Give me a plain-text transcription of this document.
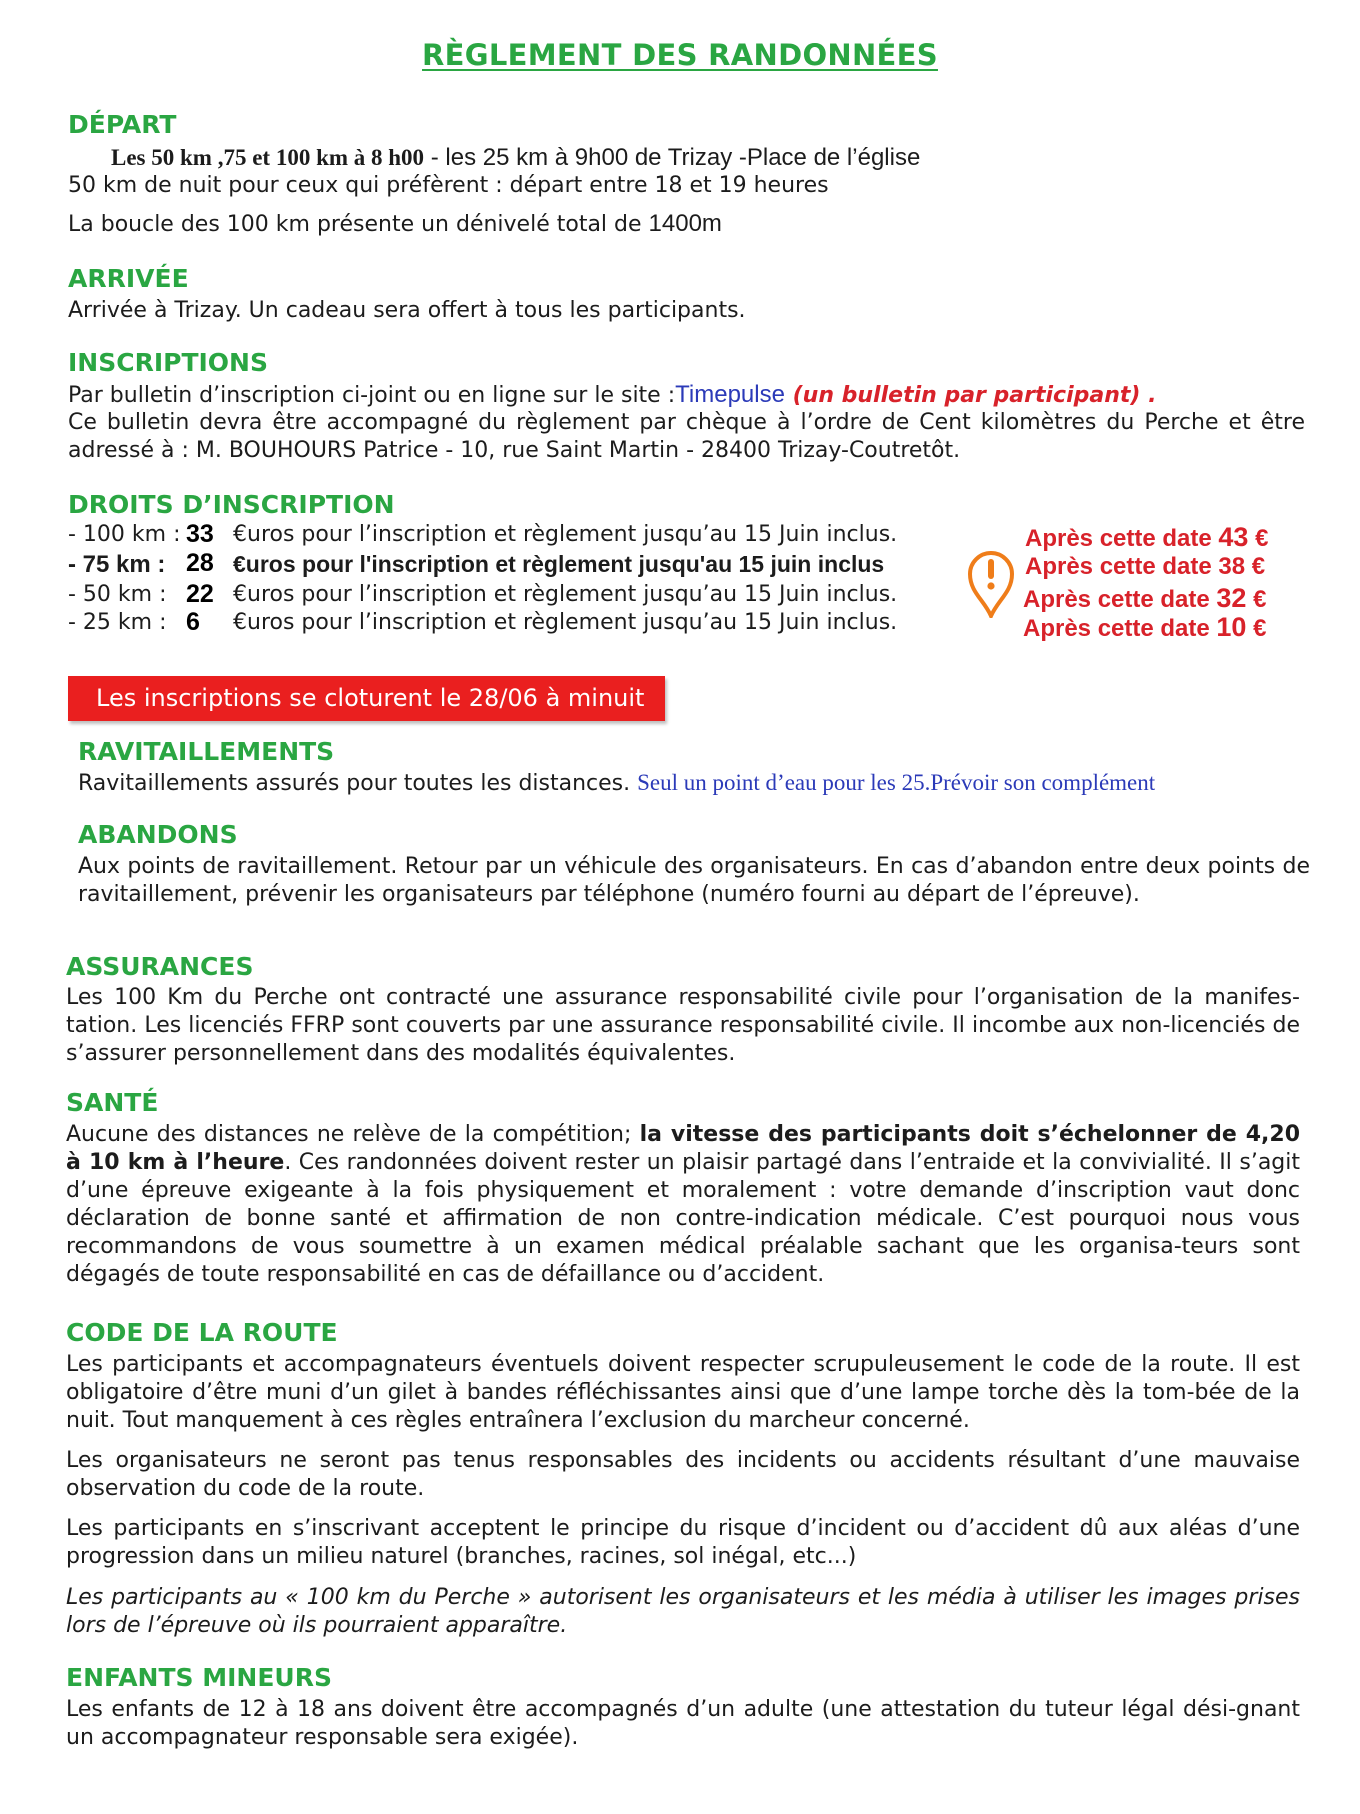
RÈGLEMENT DES RANDONNÉES
DÉPART
Les 50 km ,75 et 100 km à 8 h00 - les 25 km à 9h00 de Trizay -Place de l’église
50 km de nuit pour ceux qui préfèrent : départ entre 18 et 19 heures
La boucle des 100 km présente un dénivelé total de 1400m
ARRIVÉE
Arrivée à Trizay. Un cadeau sera offert à tous les participants.
INSCRIPTIONS
Par bulletin d’inscription ci-joint ou en ligne sur le site :Timepulse (un bulletin par participant) .
Ce bulletin devra être accompagné du règlement par chèque à l’ordre de Cent kilomètres du Perche et être adressé à : M. BOUHOURS Patrice - 10, rue Saint Martin - 28400 Trizay-Coutretôt.
DROITS D’INSCRIPTION
- 100 km : 33 €uros pour l’inscription et règlement jusqu’au 15 Juin inclus.
- 75 km : 28 €uros pour l'inscription et règlement jusqu'au 15 juin inclus
- 50 km : 22 €uros pour l’inscription et règlement jusqu’au 15 Juin inclus.
- 25 km : 6 €uros pour l’inscription et règlement jusqu’au 15 Juin inclus.
Après cette date 43 €
Après cette date 38 €
Après cette date 32 €
Après cette date 10 €
Les inscriptions se cloturent le 28/06 à minuit
RAVITAILLEMENTS
Ravitaillements assurés pour toutes les distances. Seul un point d’eau pour les 25.Prévoir son complément
ABANDONS
Aux points de ravitaillement. Retour par un véhicule des organisateurs. En cas d’abandon entre deux points de ravitaillement, prévenir les organisateurs par téléphone (numéro fourni au départ de l’épreuve).
ASSURANCES
Les 100 Km du Perche ont contracté une assurance responsabilité civile pour l’organisation de la manifes-tation. Les licenciés FFRP sont couverts par une assurance responsabilité civile. Il incombe aux non-licenciés de s’assurer personnellement dans des modalités équivalentes.
SANTÉ
Aucune des distances ne relève de la compétition; la vitesse des participants doit s’échelonner de 4,20 à 10 km à l’heure. Ces randonnées doivent rester un plaisir partagé dans l’entraide et la convivialité. Il s’agit d’une épreuve exigeante à la fois physiquement et moralement : votre demande d’inscription vaut donc déclaration de bonne santé et affirmation de non contre-indication médicale. C’est pourquoi nous vous recommandons de vous soumettre à un examen médical préalable sachant que les organisa-teurs sont dégagés de toute responsabilité en cas de défaillance ou d’accident.
CODE DE LA ROUTE
Les participants et accompagnateurs éventuels doivent respecter scrupuleusement le code de la route. Il est obligatoire d’être muni d’un gilet à bandes réfléchissantes ainsi que d’une lampe torche dès la tom-bée de la nuit. Tout manquement à ces règles entraînera l’exclusion du marcheur concerné.
Les organisateurs ne seront pas tenus responsables des incidents ou accidents résultant d’une mauvaise observation du code de la route.
Les participants en s’inscrivant acceptent le principe du risque d’incident ou d’accident dû aux aléas d’une progression dans un milieu naturel (branches, racines, sol inégal, etc...)
Les participants au « 100 km du Perche » autorisent les organisateurs et les média à utiliser les images prises lors de l’épreuve où ils pourraient apparaître.
ENFANTS MINEURS
Les enfants de 12 à 18 ans doivent être accompagnés d’un adulte (une attestation du tuteur légal dési-gnant un accompagnateur responsable sera exigée).
